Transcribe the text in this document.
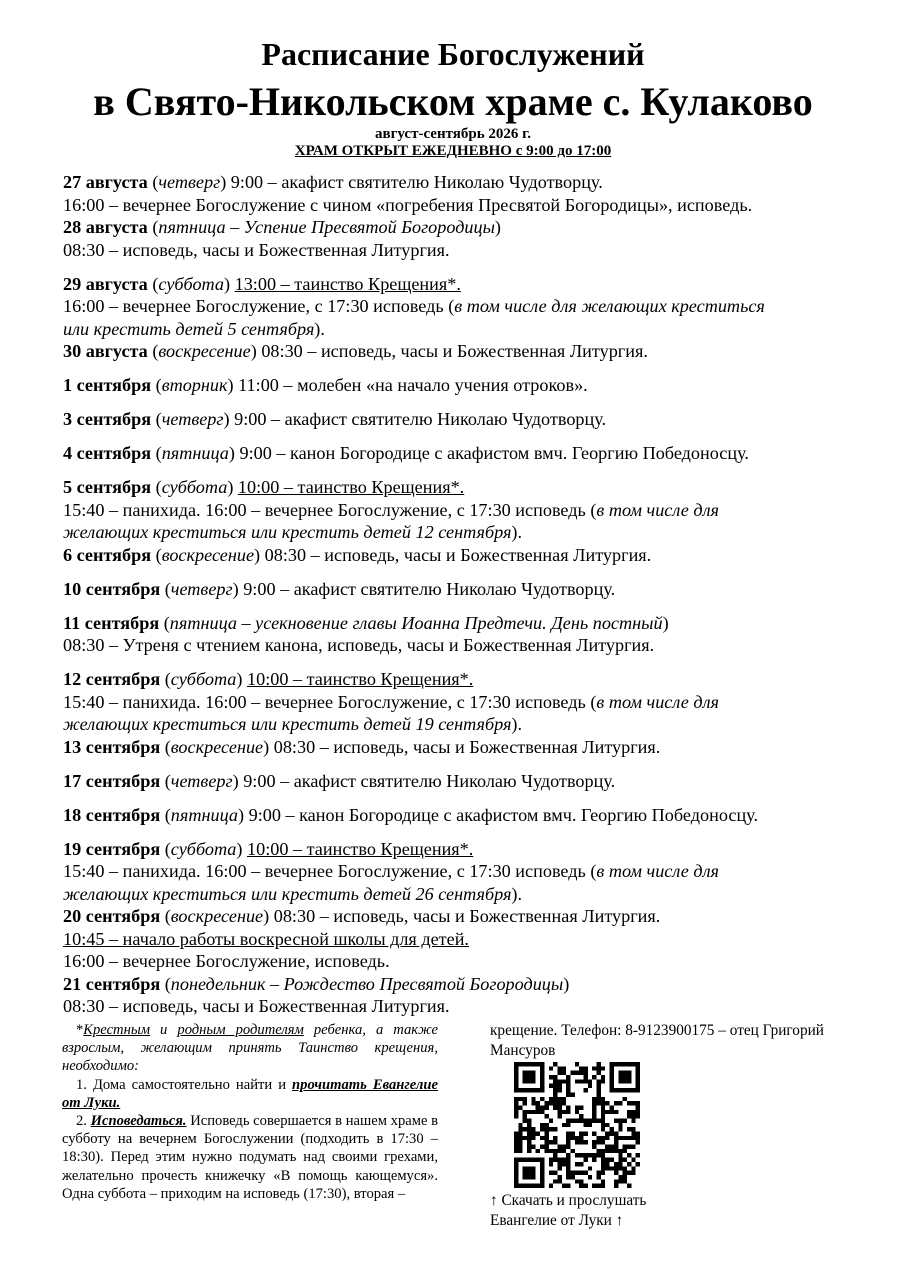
Расписание Богослужений
в Свято-Никольском храме с. Кулаково
август-сентябрь 2026 г.
ХРАМ ОТКРЫТ ЕЖЕДНЕВНО с 9:00 до 17:00
27 августа (четверг) 9:00 – акафист святителю Николаю Чудотворцу.
16:00 – вечернее Богослужение с чином «погребения Пресвятой Богородицы», исповедь.
28 августа (пятница – Успение Пресвятой Богородицы)
08:30 – исповедь, часы и Божественная Литургия.
29 августа (суббота) 13:00 – таинство Крещения*.
16:00 – вечернее Богослужение, с 17:30 исповедь (в том числе для желающих креститься
или крестить детей 5 сентября).
30 августа (воскресение) 08:30 – исповедь, часы и Божественная Литургия.
1 сентября (вторник) 11:00 – молебен «на начало учения отроков».
3 сентября (четверг) 9:00 – акафист святителю Николаю Чудотворцу.
4 сентября (пятница) 9:00 – канон Богородице с акафистом вмч. Георгию Победоносцу.
5 сентября (суббота) 10:00 – таинство Крещения*.
15:40 – панихида. 16:00 – вечернее Богослужение, с 17:30 исповедь (в том числе для
желающих креститься или крестить детей 12 сентября).
6 сентября (воскресение) 08:30 – исповедь, часы и Божественная Литургия.
10 сентября (четверг) 9:00 – акафист святителю Николаю Чудотворцу.
11 сентября (пятница – усекновение главы Иоанна Предтечи. День постный)
08:30 – Утреня с чтением канона, исповедь, часы и Божественная Литургия.
12 сентября (суббота) 10:00 – таинство Крещения*.
15:40 – панихида. 16:00 – вечернее Богослужение, с 17:30 исповедь (в том числе для
желающих креститься или крестить детей 19 сентября).
13 сентября (воскресение) 08:30 – исповедь, часы и Божественная Литургия.
17 сентября (четверг) 9:00 – акафист святителю Николаю Чудотворцу.
18 сентября (пятница) 9:00 – канон Богородице с акафистом вмч. Георгию Победоносцу.
19 сентября (суббота) 10:00 – таинство Крещения*.
15:40 – панихида. 16:00 – вечернее Богослужение, с 17:30 исповедь (в том числе для
желающих креститься или крестить детей 26 сентября).
20 сентября (воскресение) 08:30 – исповедь, часы и Божественная Литургия.
10:45 – начало работы воскресной школы для детей.
16:00 – вечернее Богослужение, исповедь.
21 сентября (понедельник – Рождество Пресвятой Богородицы)
08:30 – исповедь, часы и Божественная Литургия.

*Крестным и родным родителям ребенка, а также взрослым, желающим принять Таинство крещения, необходимо:

1. Дома самостоятельно найти и прочитать Евангелие от Луки.

2. Исповедаться. Исповедь совершается в нашем храме в субботу на вечернем Богослужении (подходить в 17:30 – 18:30). Перед этим нужно подумать над своими грехами, желательно прочесть книжечку «В помощь кающемуся». Одна суббота – приходим на исповедь (17:30), вторая –

крещение. Телефон: 8-9123900175 – отец Григорий Мансуров
↑ Скачать и прослушать
Евангелие от Луки ↑
